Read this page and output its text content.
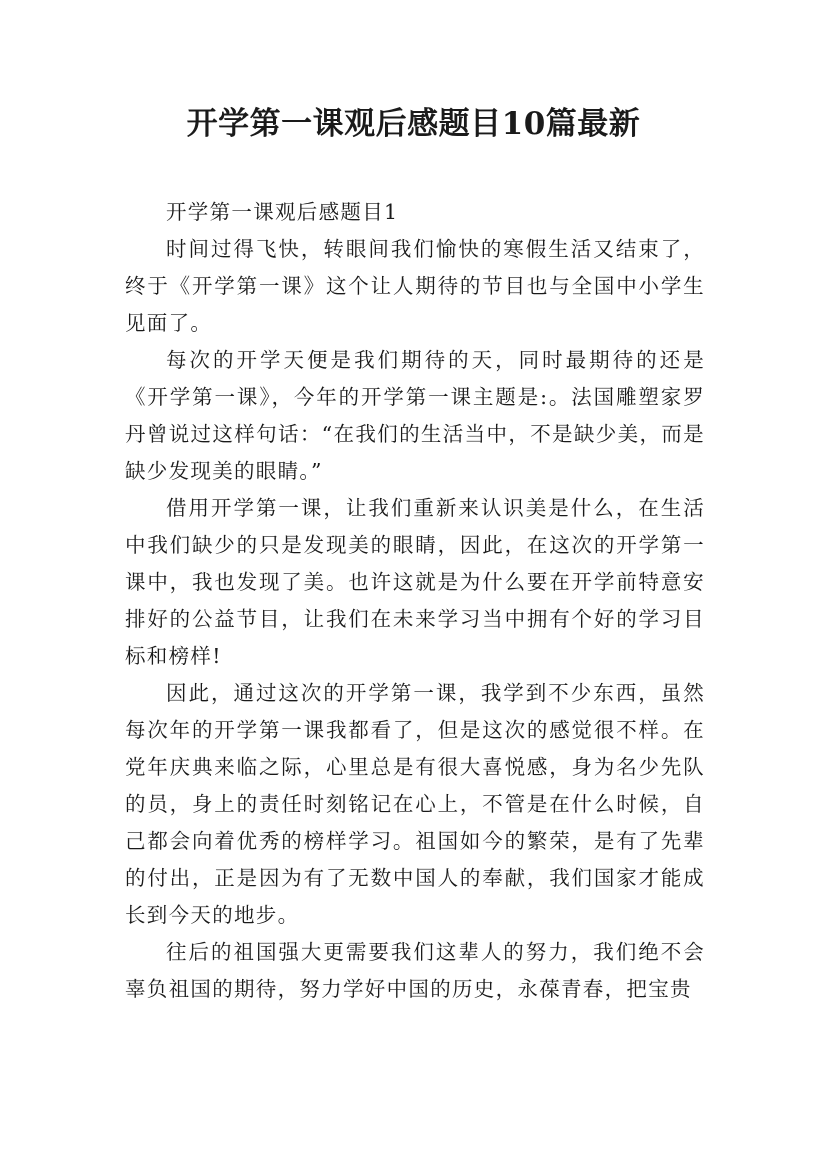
开学第一课观后感题目10篇最新

开学第一课观后感题目1

时间过得飞快，转眼间我们愉快的寒假生活又结束了，终于《开学第一课》这个让人期待的节目也与全国中小学生见面了。

每次的开学天便是我们期待的天，同时最期待的还是《开学第一课》，今年的开学第一课主题是:。法国雕塑家罗丹曾说过这样句话：“在我们的生活当中，不是缺少美，而是缺少发现美的眼睛。”

借用开学第一课，让我们重新来认识美是什么，在生活中我们缺少的只是发现美的眼睛，因此，在这次的开学第一课中，我也发现了美。也许这就是为什么要在开学前特意安排好的公益节目，让我们在未来学习当中拥有个好的学习目标和榜样!

因此，通过这次的开学第一课，我学到不少东西，虽然每次年的开学第一课我都看了，但是这次的感觉很不样。在党年庆典来临之际，心里总是有很大喜悦感，身为名少先队的员，身上的责任时刻铭记在心上，不管是在什么时候，自己都会向着优秀的榜样学习。祖国如今的繁荣，是有了先辈的付出，正是因为有了无数中国人的奉献，我们国家才能成长到今天的地步。

往后的祖国强大更需要我们这辈人的努力，我们绝不会辜负祖国的期待，努力学好中国的历史，永葆青春，把宝贵
